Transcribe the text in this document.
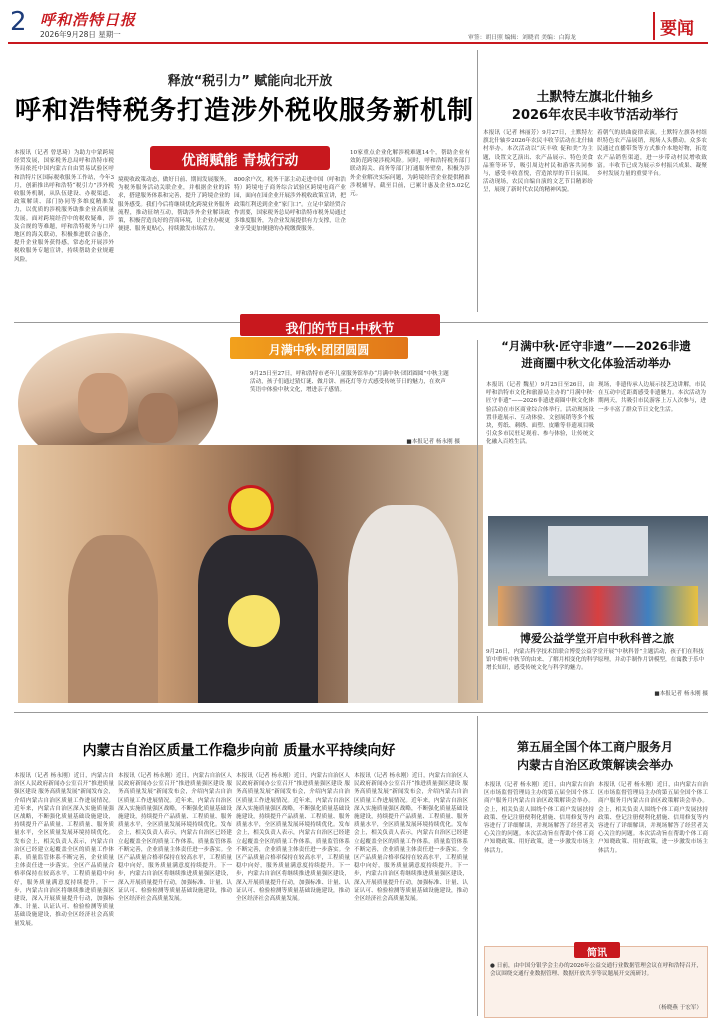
2 呼和浩特日报
2026年9月28日 星期一	审签：胡日照 编辑：刘晓君 美编：白海龙	要闻
释放“税引力” 赋能向北开放
呼和浩特税务打造涉外税收服务新机制
优商赋能 青城行动
本报讯（记者 曾思琦）为助力中蒙跨境经贸发展，国家税务总局呼和浩特市税务局依托中国内蒙古自由贸易试验区呼和浩特片区国际税收服务工作站，今年3月，创新推出呼和浩特“税引力”涉外税收服务机制，从队伍建设、办税渠道、政策解读、部门协同等多维度精准发力，以优质的涉税服务助推企业高质量发展。面对跨境经营中的税收疑难，涉及合规的等难题，呼和浩特税务与口岸地区的海关联动，积极推进联合惠企，提升企业服务获得感，常态化开展涉外税收服务专题宣讲，持续帮助企业规避风险。
境税收政策动态，做好日前、期间发展服务。为税务服务活动关联企业，并根据企业的诉求，搭建服务体系和完善，提升了跨境企业的服务感受。我们今后将继续优化跨境业务服务流程，推动征纳互动，帮助涉外企业解读政策，积极营造良好的营商环境，让企业办税更便捷、服务更贴心，持续激发市场活力。
800余户次。税务干部主动走进中国（呼和浩特）跨境电子商务综合试验区跨境电商产业园，面向在园企业开展涉外税收政策宣讲，把政策红利送到企业“家门口”。立足中蒙经贸合作需要，国家税务总局呼和浩特市税务局通过多维度服务，为企业发展提供有力支撑，让企业享受更加便捷的办税缴费服务。
10家重点企业化解涉税难题14个，帮助企业有效防范跨境涉税风险。同时，呼和浩特税务部门联动海关、商务等部门打通服务壁垒，积极为涉外企业解决实际问题，为跨境经营企业提供精准涉税辅导，截至目前，已累计惠及企业5.02亿元。
土默特左旗北什轴乡
2026年农民丰收节活动举行
本报讯（记者 林丽芳）9月27日，土默特左旗北什轴乡2026年农民丰收节活动在北什轴村举办。本次活动以“庆丰收 促和美”为主题，设置文艺演出、农产品展示、特色美食品鉴等环节，吸引周边村民和游客共同参与，感受丰收喜悦，营造浓厚的节日氛围。活动现场，农民自编自演的文艺节目精彩纷呈，展现了新时代农民的精神风貌。
着朝气的晨曲旋律表演。土默特左旗各村组织特色农产品展销，现场人头攒动。众多农民通过直播带货等方式推介本地好物，拓宽农产品销售渠道，进一步带动村民增收致富。丰收节已成为展示乡村振兴成果、凝聚乡村发展力量的重要平台。
我们的节日·中秋节
月满中秋·团团圆圆
9月25日至27日，呼和浩特市老年儿童服务馆举办“月满中秋·团团圆圆”中秋主题活动，孩子们通过猜灯谜、做月饼、画花灯等方式感受传统节日的魅力，在欢声笑语中体验中秋文化，增进亲子感情。
■本报记者 杨永刚 摄
“月满中秋·匠守非遗”——2026非遗
进商圈中秋文化体验活动举办
本报讯（记者 魏星）9月25日至26日，由呼和浩特市文化和旅游局主办的“月满中秋·匠守非遗”——2026非遗进商圈中秋文化体验活动在市区商业综合体举行。活动现场设置非遗展示、互动体验、文创展销等多个板块，剪纸、刺绣、面塑、皮雕等非遗项目吸引众多市民驻足观看、参与体验，让传统文化融入百姓生活。
现场，非遗传承人边展示技艺边讲解，市民在互动中近距离感受非遗魅力。本次活动为期两天，共吸引市民游客上万人次参与，进一步丰富了群众节日文化生活。
博爱公益学堂开启中秋科普之旅
9月26日，内蒙古科学技术馆联合博爱公益学堂开展“中秋科普”主题活动，孩子们在科技馆中聆听中秋节的由来、了解月相变化的科学原理，并动手制作月饼模型，在寓教于乐中增长知识，感受传统文化与科学的魅力。
■本报记者 杨永刚 摄
内蒙古自治区质量工作稳步向前 质量水平持续向好
本报讯（记者 杨永刚）近日，内蒙古自治区人民政府新闻办公室召开“推进质量强区建设 服务高质量发展”新闻发布会，介绍内蒙古自治区质量工作进展情况。近年来，内蒙古自治区深入实施质量强区战略，不断强化质量基础设施建设，持续提升产品质量、工程质量、服务质量水平，全区质量发展环境持续优化。发布会上，相关负责人表示，内蒙古自治区已经建立起覆盖全区的质量工作体系，质量监管体系不断完善，企业质量主体责任进一步落实。全区产品质量合格率保持在较高水平，工程质量稳中向好，服务质量满意度持续提升。下一步，内蒙古自治区将继续推进质量强区建设，深入开展质量提升行动，加强标准、计量、认证认可、检验检测等质量基础设施建设，推动全区经济社会高质量发展。
本报讯（记者 杨永刚）近日，内蒙古自治区人民政府新闻办公室召开“推进质量强区建设 服务高质量发展”新闻发布会，介绍内蒙古自治区质量工作进展情况。近年来，内蒙古自治区深入实施质量强区战略，不断强化质量基础设施建设，持续提升产品质量、工程质量、服务质量水平，全区质量发展环境持续优化。发布会上，相关负责人表示，内蒙古自治区已经建立起覆盖全区的质量工作体系，质量监管体系不断完善，企业质量主体责任进一步落实。全区产品质量合格率保持在较高水平，工程质量稳中向好，服务质量满意度持续提升。下一步，内蒙古自治区将继续推进质量强区建设，深入开展质量提升行动，加强标准、计量、认证认可、检验检测等质量基础设施建设，推动全区经济社会高质量发展。
本报讯（记者 杨永刚）近日，内蒙古自治区人民政府新闻办公室召开“推进质量强区建设 服务高质量发展”新闻发布会，介绍内蒙古自治区质量工作进展情况。近年来，内蒙古自治区深入实施质量强区战略，不断强化质量基础设施建设，持续提升产品质量、工程质量、服务质量水平，全区质量发展环境持续优化。发布会上，相关负责人表示，内蒙古自治区已经建立起覆盖全区的质量工作体系，质量监管体系不断完善，企业质量主体责任进一步落实。全区产品质量合格率保持在较高水平，工程质量稳中向好，服务质量满意度持续提升。下一步，内蒙古自治区将继续推进质量强区建设，深入开展质量提升行动，加强标准、计量、认证认可、检验检测等质量基础设施建设，推动全区经济社会高质量发展。
本报讯（记者 杨永刚）近日，内蒙古自治区人民政府新闻办公室召开“推进质量强区建设 服务高质量发展”新闻发布会，介绍内蒙古自治区质量工作进展情况。近年来，内蒙古自治区深入实施质量强区战略，不断强化质量基础设施建设，持续提升产品质量、工程质量、服务质量水平，全区质量发展环境持续优化。发布会上，相关负责人表示，内蒙古自治区已经建立起覆盖全区的质量工作体系，质量监管体系不断完善，企业质量主体责任进一步落实。全区产品质量合格率保持在较高水平，工程质量稳中向好，服务质量满意度持续提升。下一步，内蒙古自治区将继续推进质量强区建设，深入开展质量提升行动，加强标准、计量、认证认可、检验检测等质量基础设施建设，推动全区经济社会高质量发展。
第五届全国个体工商户服务月
内蒙古自治区政策解读会举办
本报讯（记者 杨永刚）近日，由内蒙古自治区市场监督管理局主办的第五届全国个体工商户服务月内蒙古自治区政策解读会举办。会上，相关负责人围绕个体工商户发展扶持政策、登记注册便利化措施、信用修复等内容进行了详细解读，并现场解答了经营者关心关注的问题。本次活动旨在帮助个体工商户知晓政策、用好政策，进一步激发市场主体活力。
本报讯（记者 杨永刚）近日，由内蒙古自治区市场监督管理局主办的第五届全国个体工商户服务月内蒙古自治区政策解读会举办。会上，相关负责人围绕个体工商户发展扶持政策、登记注册便利化措施、信用修复等内容进行了详细解读，并现场解答了经营者关心关注的问题。本次活动旨在帮助个体工商户知晓政策、用好政策，进一步激发市场主体活力。
简讯
● 日前，由中国分银学会主办的2026年公益交通行业数据管理会议在呼和浩特召开，会议围绕交通行业数据管理、数据开放共享等议题展开交流研讨。
（杨晓燕 于宏军）
